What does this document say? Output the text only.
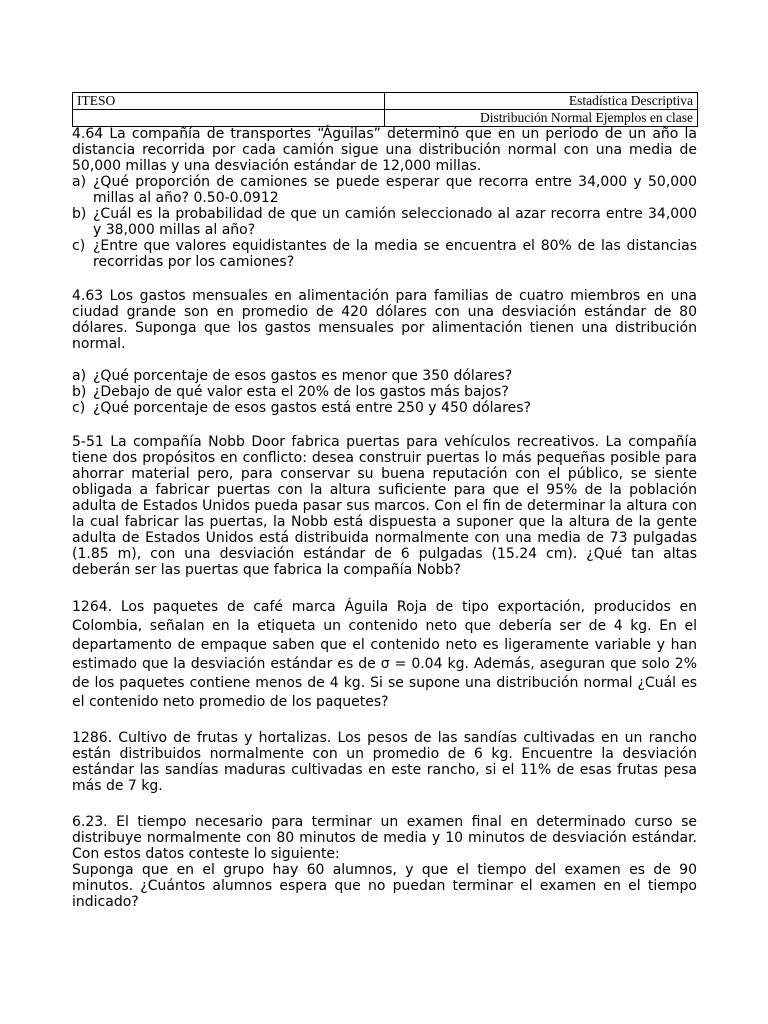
ITESO	Estadística Descriptiva
	Distribución Normal Ejemplos en clase

4.64 La compañía de transportes “Águilas” determinó que en un periodo de un año la distancia recorrida por cada camión sigue una distribución normal con una media de 50,000 millas y una desviación estándar de 12,000 millas.

a) ¿Qué proporción de camiones se puede esperar que recorra entre 34,000 y 50,000 millas al año? 0.50-0.0912
b) ¿Cuál es la probabilidad de que un camión seleccionado al azar recorra entre 34,000 y 38,000 millas al año?
c) ¿Entre que valores equidistantes de la media se encuentra el 80% de las distancias recorridas por los camiones?

4.63 Los gastos mensuales en alimentación para familias de cuatro miembros en una ciudad grande son en promedio de 420 dólares con una desviación estándar de 80 dólares. Suponga que los gastos mensuales por alimentación tienen una distribución normal.

a) ¿Qué porcentaje de esos gastos es menor que 350 dólares?
b) ¿Debajo de qué valor esta el 20% de los gastos más bajos?
c) ¿Qué porcentaje de esos gastos está entre 250 y 450 dólares?

5-51 La compañía Nobb Door fabrica puertas para vehículos recreativos. La compañía tiene dos propósitos en conflicto: desea construir puertas lo más pequeñas posible para ahorrar material pero, para conservar su buena reputación con el público, se siente obligada a fabricar puertas con la altura suficiente para que el 95% de la población adulta de Estados Unidos pueda pasar sus marcos. Con el fin de determinar la altura con la cual fabricar las puertas, la Nobb está dispuesta a suponer que la altura de la gente adulta de Estados Unidos está distribuida normalmente con una media de 73 pulgadas (1.85 m), con una desviación estándar de 6 pulgadas (15.24 cm). ¿Qué tan altas deberán ser las puertas que fabrica la compañía Nobb?

1264. Los paquetes de café marca Águila Roja de tipo exportación, producidos en Colombia, señalan en la etiqueta un contenido neto que debería ser de 4 kg. En el departamento de empaque saben que el contenido neto es ligeramente variable y han estimado que la desviación estándar es de σ = 0.04 kg. Además, aseguran que solo 2% de los paquetes contiene menos de 4 kg. Si se supone una distribución normal ¿Cuál es el contenido neto promedio de los paquetes?

1286. Cultivo de frutas y hortalizas. Los pesos de las sandías cultivadas en un rancho están distribuidos normalmente con un promedio de 6 kg. Encuentre la desviación estándar las sandías maduras cultivadas en este rancho, si el 11% de esas frutas pesa más de 7 kg.

6.23. El tiempo necesario para terminar un examen final en determinado curso se distribuye normalmente con 80 minutos de media y 10 minutos de desviación estándar. Con estos datos conteste lo siguiente:

Suponga que en el grupo hay 60 alumnos, y que el tiempo del examen es de 90 minutos. ¿Cuántos alumnos espera que no puedan terminar el examen en el tiempo indicado?
